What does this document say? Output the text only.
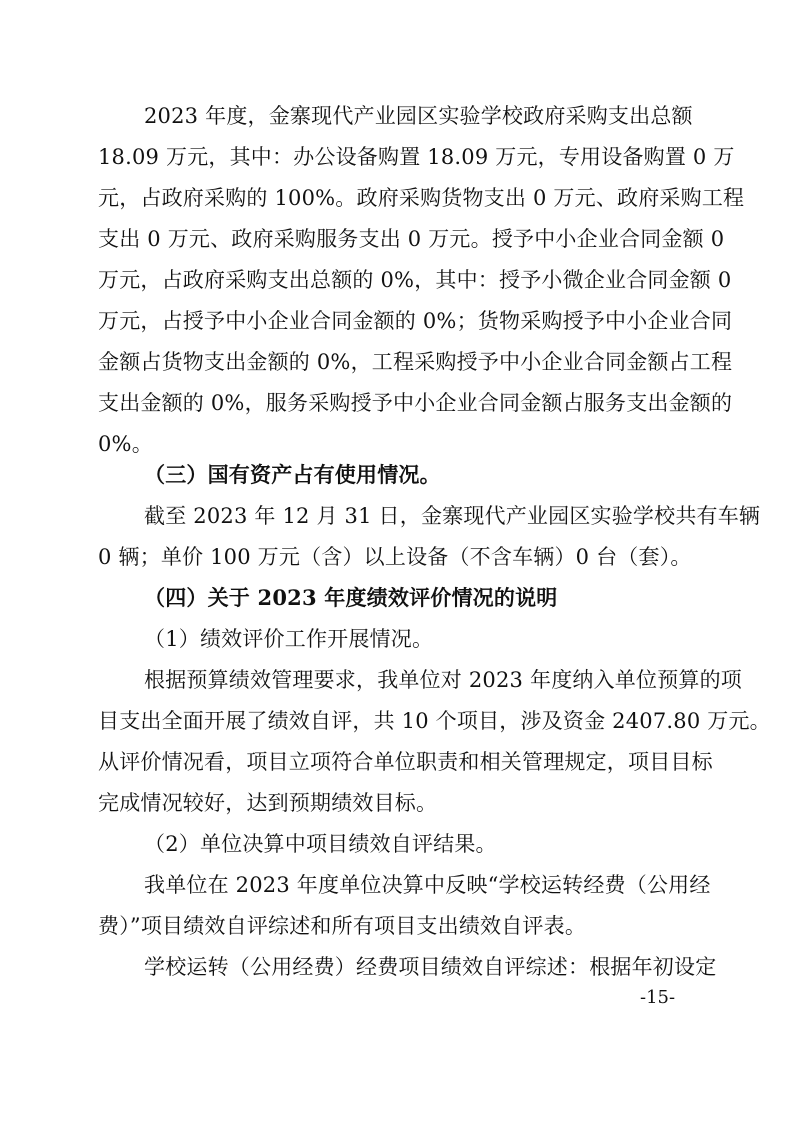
2023 年度，金寨现代产业园区实验学校政府采购支出总额
18.09 万元，其中：办公设备购置 18.09 万元，专用设备购置 0 万
元，占政府采购的 100%。政府采购货物支出 0 万元、政府采购工程
支出 0 万元、政府采购服务支出 0 万元。授予中小企业合同金额 0
万元，占政府采购支出总额的 0%，其中：授予小微企业合同金额 0
万元，占授予中小企业合同金额的 0%；货物采购授予中小企业合同
金额占货物支出金额的 0%，工程采购授予中小企业合同金额占工程
支出金额的 0%，服务采购授予中小企业合同金额占服务支出金额的
0%。
（三）国有资产占有使用情况。
截至 2023 年 12 月 31 日，金寨现代产业园区实验学校共有车辆
0 辆；单价 100 万元（含）以上设备（不含车辆）0 台（套）。
（四）关于 2023 年度绩效评价情况的说明
（1）绩效评价工作开展情况。
根据预算绩效管理要求，我单位对 2023 年度纳入单位预算的项
目支出全面开展了绩效自评，共 10 个项目，涉及资金 2407.80 万元。
从评价情况看，项目立项符合单位职责和相关管理规定，项目目标
完成情况较好，达到预期绩效目标。
（2）单位决算中项目绩效自评结果。
我单位在 2023 年度单位决算中反映“学校运转经费（公用经
费）”项目绩效自评综述和所有项目支出绩效自评表。
学校运转（公用经费）经费项目绩效自评综述：根据年初设定
-15-
